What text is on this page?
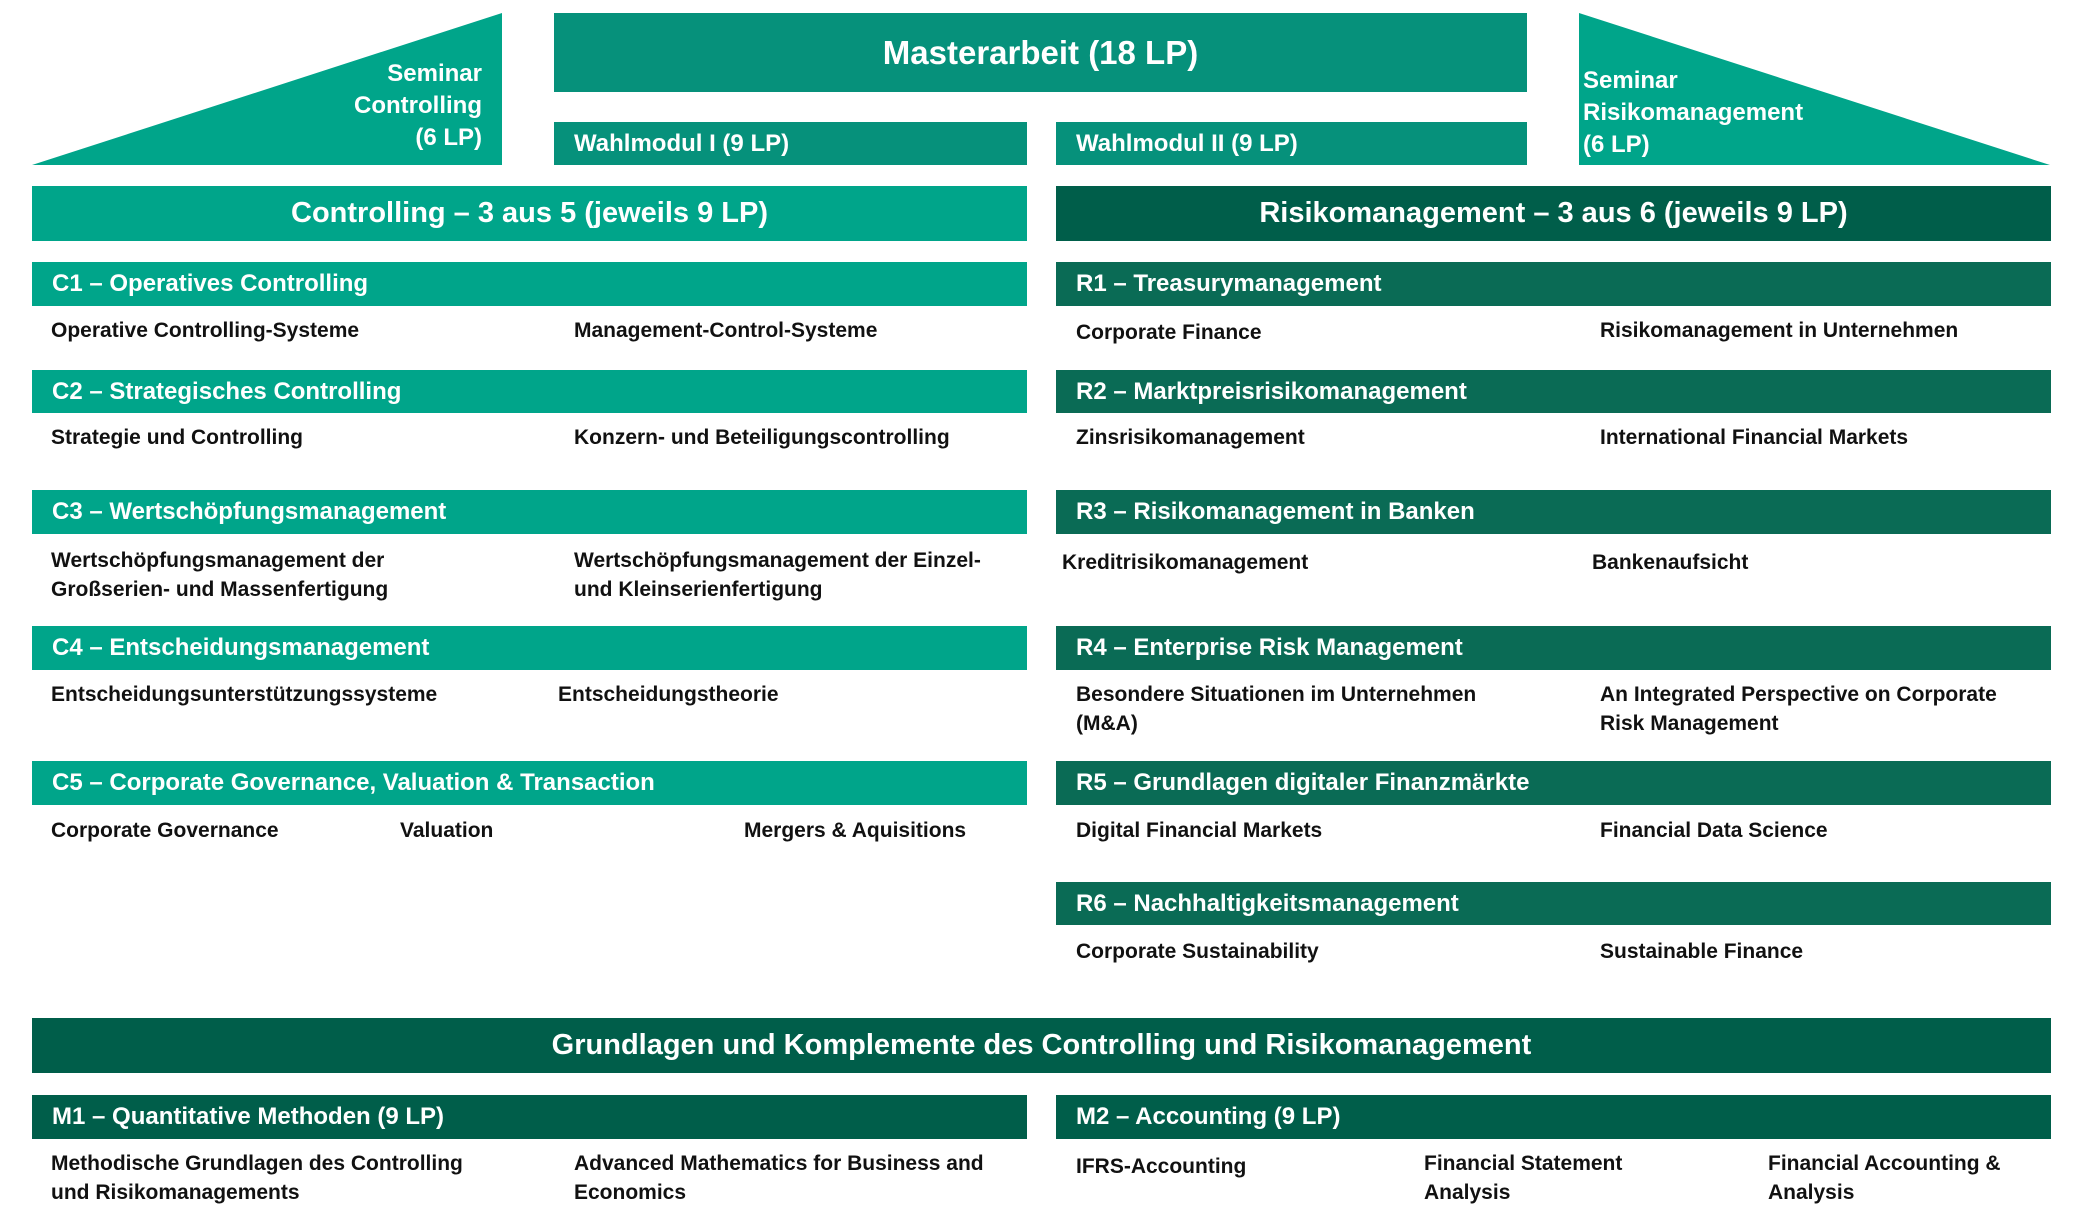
Seminar
Controlling
(6 LP)
Masterarbeit (18 LP)
Wahlmodul I (9 LP)	Wahlmodul II (9 LP)
Seminar
Risikomanagement
(6 LP)
Controlling – 3 aus 5 (jeweils 9 LP)
C1 – Operatives Controlling
Operative Controlling-Systeme	Management-Control-Systeme
C2 – Strategisches Controlling
Strategie und Controlling	Konzern- und Beteiligungscontrolling
C3 – Wertschöpfungsmanagement
Wertschöpfungsmanagement der
Großserien- und Massenfertigung
Wertschöpfungsmanagement der Einzel-
und Kleinserienfertigung
C4 – Entscheidungsmanagement
Entscheidungsunterstützungssysteme	Entscheidungstheorie
C5 – Corporate Governance, Valuation & Transaction
Corporate Governance	Valuation	Mergers & Aquisitions
Risikomanagement – 3 aus 6 (jeweils 9 LP)
R1 – Treasurymanagement
Corporate Finance	Risikomanagement in Unternehmen
R2 – Marktpreisrisikomanagement
Zinsrisikomanagement	International Financial Markets
R3 – Risikomanagement in Banken
Kreditrisikomanagement	Bankenaufsicht
R4 – Enterprise Risk Management
Besondere Situationen im Unternehmen
(M&A)
An Integrated Perspective on Corporate
Risk Management
R5 – Grundlagen digitaler Finanzmärkte
Digital Financial Markets	Financial Data Science
R6 – Nachhaltigkeitsmanagement
Corporate Sustainability	Sustainable Finance
Grundlagen und Komplemente des Controlling und Risikomanagement
M1 – Quantitative Methoden (9 LP)
Methodische Grundlagen des Controlling
und Risikomanagements
Advanced Mathematics for Business and
Economics
M2 – Accounting (9 LP)
IFRS-Accounting	Financial Statement
Analysis
Financial Accounting &
Analysis
